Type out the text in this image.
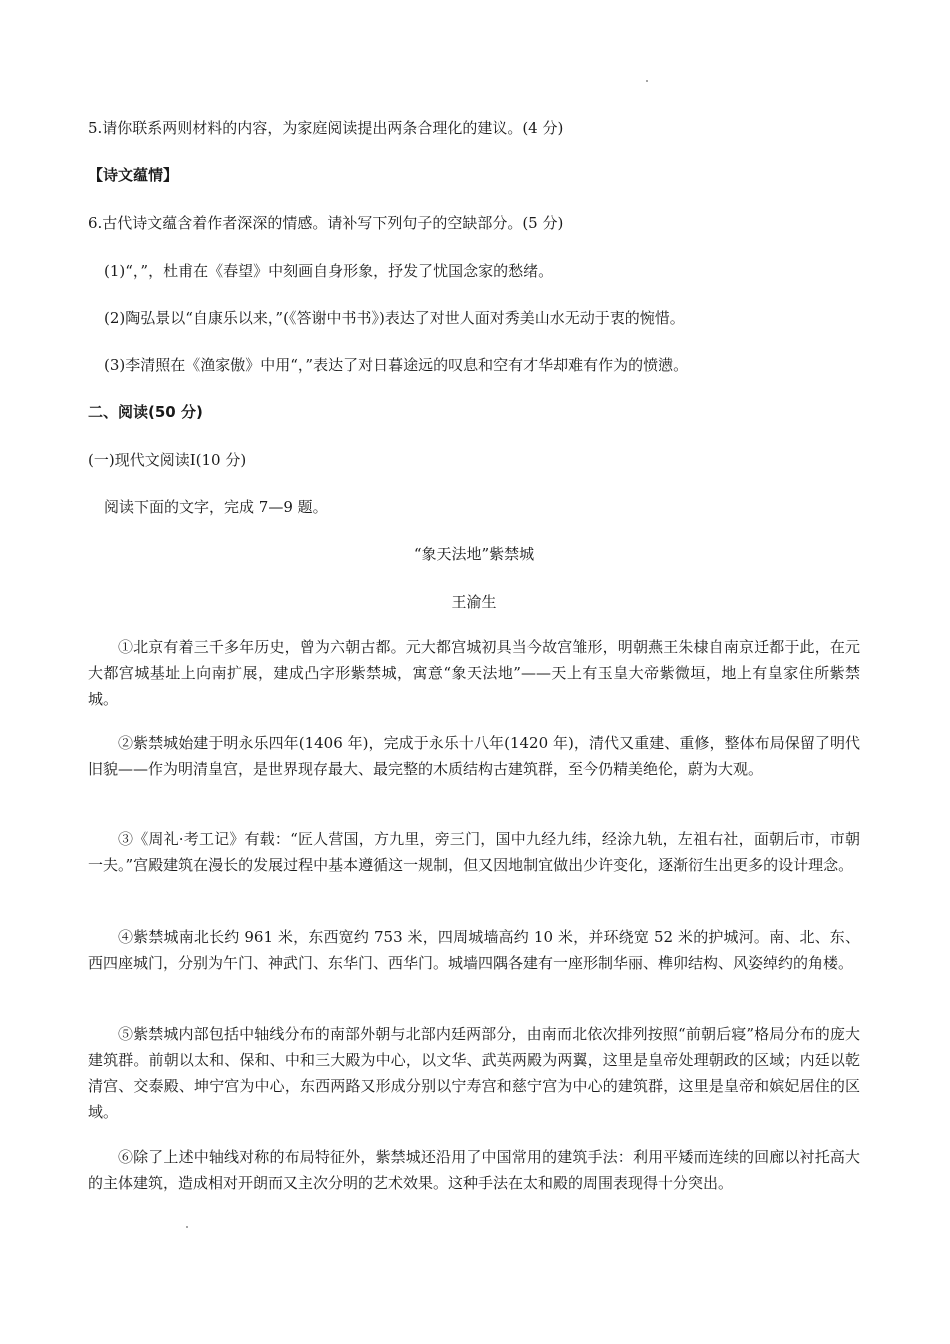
5.请你联系两则材料的内容，为家庭阅读提出两条合理化的建议。(4 分)
【诗文蕴情】
6.古代诗文蕴含着作者深深的情感。请补写下列句子的空缺部分。(5 分)
(1)“，”，杜甫在《春望》中刻画自身形象，抒发了忧国念家的愁绪。
(2)陶弘景以“自康乐以来，”(《答谢中书书》)表达了对世人面对秀美山水无动于衷的惋惜。
(3)李清照在《渔家傲》中用“，”表达了对日暮途远的叹息和空有才华却难有作为的愤懑。
二、阅读(50 分)
(一)现代文阅读Ⅰ(10 分)
阅读下面的文字，完成 7—9 题。
“象天法地”紫禁城
王渝生
①北京有着三千多年历史，曾为六朝古都。元大都宫城初具当今故宫雏形，明朝燕王朱棣自南京迁都于此，在元大都宫城基址上向南扩展，建成凸字形紫禁城，寓意“象天法地”——天上有玉皇大帝紫微垣，地上有皇家住所紫禁城。
②紫禁城始建于明永乐四年(1406 年)，完成于永乐十八年(1420 年)，清代又重建、重修，整体布局保留了明代旧貌——作为明清皇宫，是世界现存最大、最完整的木质结构古建筑群，至今仍精美绝伦，蔚为大观。
③《周礼·考工记》有载：“匠人营国，方九里，旁三门，国中九经九纬，经涂九轨，左祖右社，面朝后市，市朝一夫。”宫殿建筑在漫长的发展过程中基本遵循这一规制，但又因地制宜做出少许变化，逐渐衍生出更多的设计理念。
④紫禁城南北长约 961 米，东西宽约 753 米，四周城墙高约 10 米，并环绕宽 52 米的护城河。南、北、东、西四座城门，分别为午门、神武门、东华门、西华门。城墙四隅各建有一座形制华丽、榫卯结构、风姿绰约的角楼。
⑤紫禁城内部包括中轴线分布的南部外朝与北部内廷两部分，由南而北依次排列按照“前朝后寝”格局分布的庞大建筑群。前朝以太和、保和、中和三大殿为中心，以文华、武英两殿为两翼，这里是皇帝处理朝政的区域；内廷以乾清宫、交泰殿、坤宁宫为中心，东西两路又形成分别以宁寿宫和慈宁宫为中心的建筑群，这里是皇帝和嫔妃居住的区域。
⑥除了上述中轴线对称的布局特征外，紫禁城还沿用了中国常用的建筑手法：利用平矮而连续的回廊以衬托高大的主体建筑，造成相对开朗而又主次分明的艺术效果。这种手法在太和殿的周围表现得十分突出。
